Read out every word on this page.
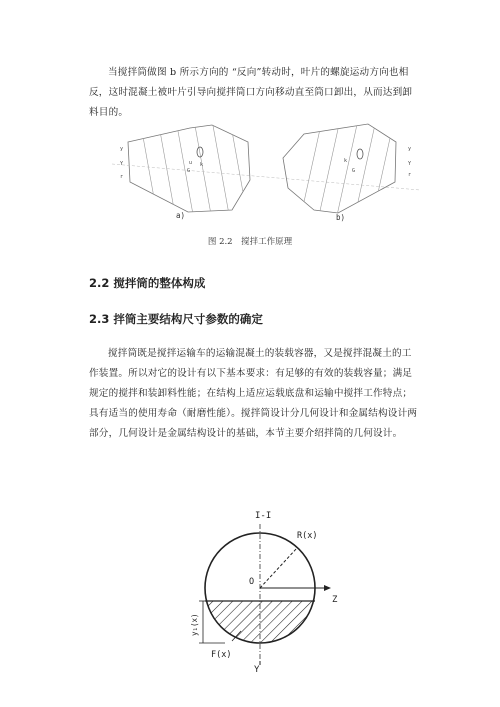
当搅拌筒做图 b 所示方向的 “反向”转动时，叶片的螺旋运动方向也相反，这时混凝土被叶片引导向搅拌筒口方向移动直至筒口卸出，从而达到卸料目的。

y
Y
r
u
G
k
y
Y
r
k
G
a)	b)
图 2.2　搅拌工作原理
2.2 搅拌筒的整体构成
2.3 拌筒主要结构尺寸参数的确定

搅拌筒既是搅拌运输车的运输混凝土的装载容器，又是搅拌混凝土的工作装置。所以对它的设计有以下基本要求：有足够的有效的装载容量；满足规定的搅拌和装卸料性能；在结构上适应运载底盘和运输中搅拌工作特点；具有适当的使用寿命（耐磨性能）。搅拌筒设计分几何设计和金属结构设计两部分，几何设计是金属结构设计的基础，本节主要介绍拌筒的几何设计。

I-I
R(x)
O
Z
Y
y₁(x)
F(x)
